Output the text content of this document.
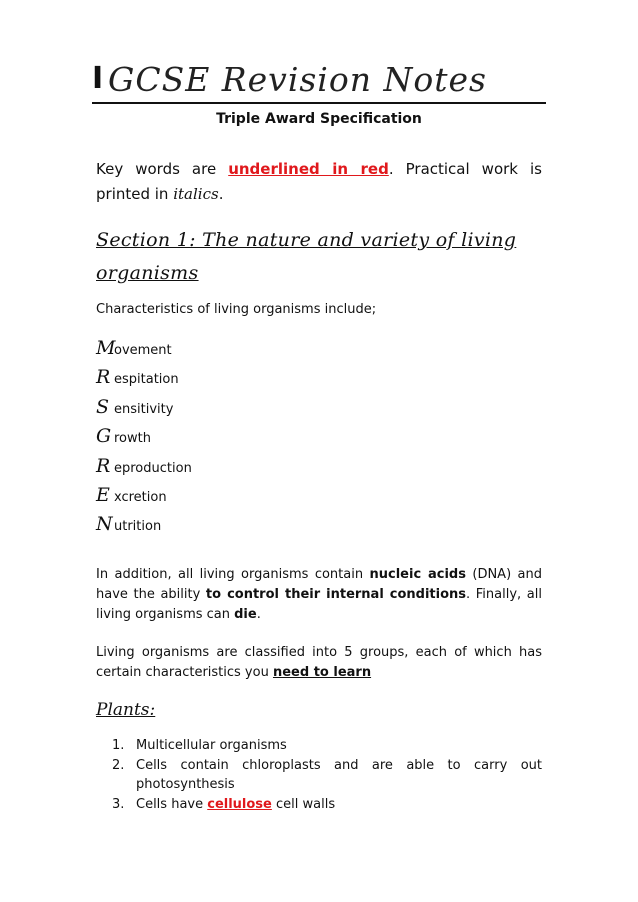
I GCSE Revision Notes
Triple Award Specification
Key words are underlined in red. Practical work is printed in italics.
Section 1: The nature and variety of living organisms
Characteristics of living organisms include;
M
ovement
R espitation
S ensitivity
G rowth
R eproduction
E xcretion
N utrition
In addition, all living organisms contain nucleic acids (DNA) and have the ability to control their internal conditions. Finally, all living organisms can die.
Living organisms are classified into 5 groups, each of which has certain characteristics you need to learn
Plants:
1. Multicellular organisms
2. Cells contain chloroplasts and are able to carry out photosynthesis
3. Cells have cellulose cell walls
